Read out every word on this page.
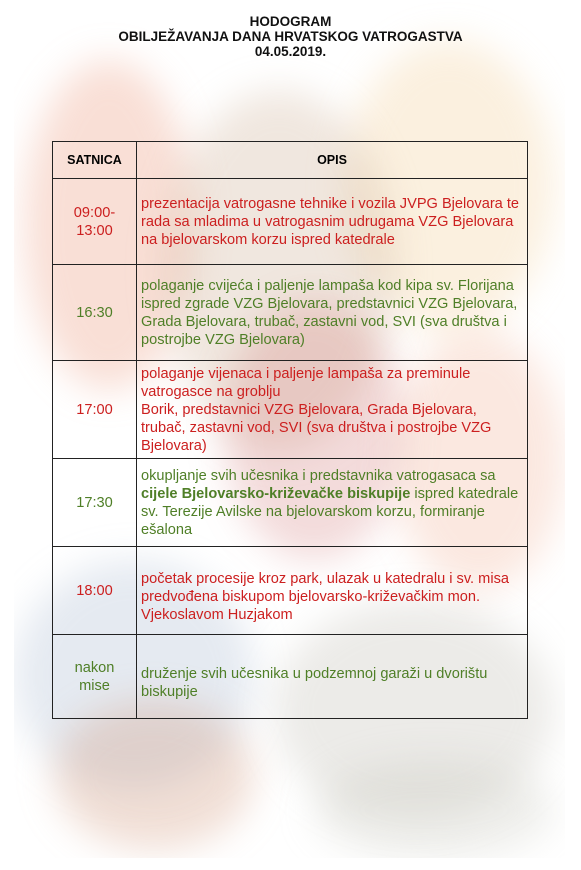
HODOGRAM
OBILJEŽAVANJA DANA HRVATSKOG VATROGASTVA
04.05.2019.
SATNICA	OPIS
09:00-
13:00	prezentacija vatrogasne tehnike i vozila JVPG Bjelovara te rada sa mladima u vatrogasnim udrugama VZG Bjelovara na bjelovarskom korzu ispred katedrale
16:30	polaganje cvijeća i paljenje lampaša kod kipa sv. Florijana ispred zgrade VZG Bjelovara, predstavnici VZG Bjelovara, Grada Bjelovara, trubač, zastavni vod, SVI (sva društva i postrojbe VZG Bjelovara)
17:00	polaganje vijenaca i paljenje lampaša za preminule vatrogasce na groblju
Borik, predstavnici VZG Bjelovara, Grada Bjelovara, trubač, zastavni vod, SVI (sva društva i postrojbe VZG Bjelovara)
17:30	okupljanje svih učesnika i predstavnika vatrogasaca sa cijele Bjelovarsko-križevačke biskupije ispred katedrale sv. Terezije Avilske na bjelovarskom korzu, formiranje ešalona
18:00	početak procesije kroz park, ulazak u katedralu i sv. misa predvođena biskupom bjelovarsko-križevačkim mon. Vjekoslavom Huzjakom
nakon
mise	druženje svih učesnika u podzemnoj garaži u dvorištu biskupije
